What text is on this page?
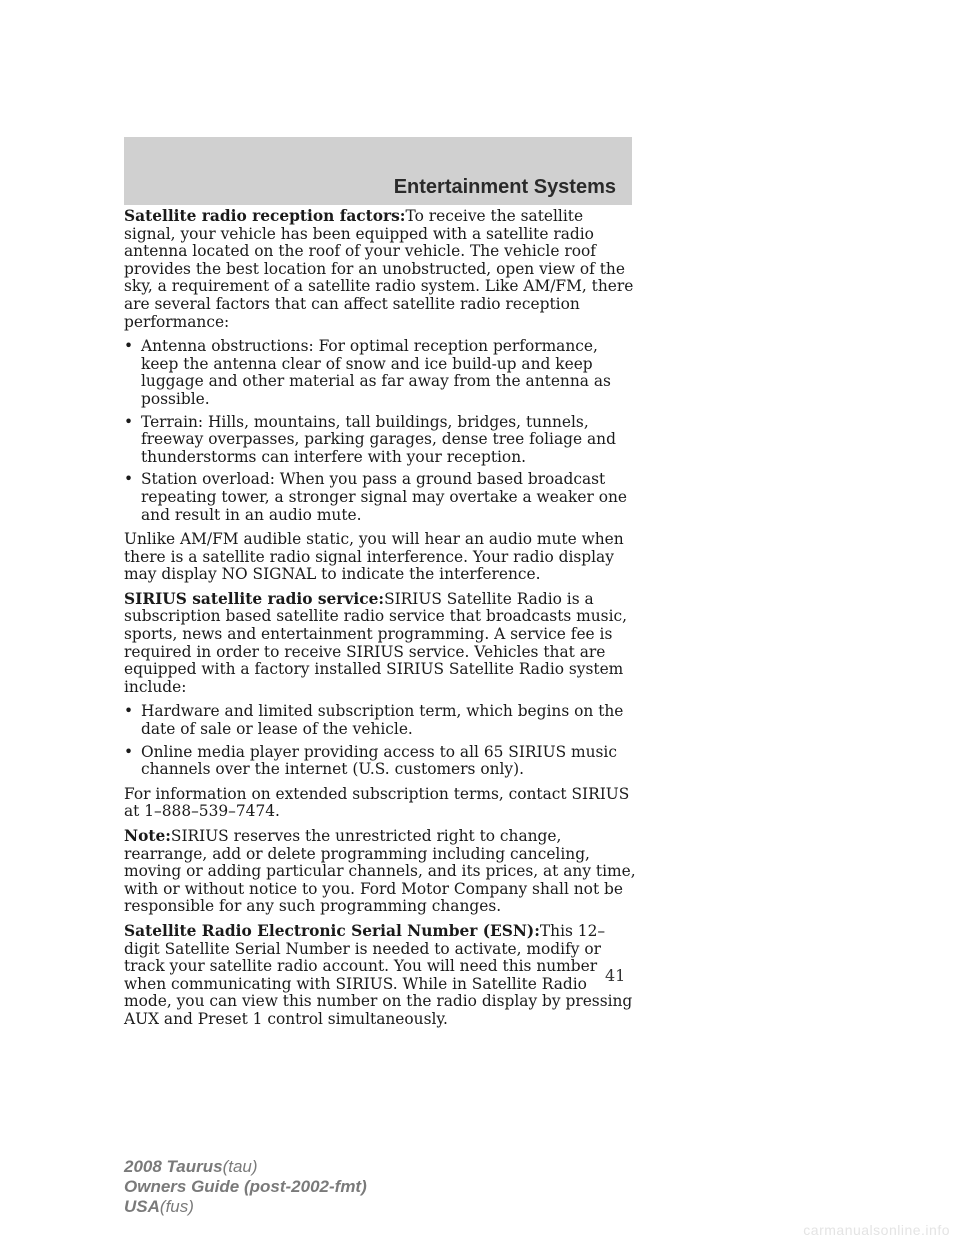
Entertainment Systems

Satellite radio reception factors:To receive the satellite signal, your vehicle has been equipped with a satellite radio antenna located on the roof of your vehicle. The vehicle roof provides the best location for an unobstructed, open view of the sky, a requirement of a satellite radio system. Like AM/FM, there are several factors that can affect satellite radio reception performance:

• Antenna obstructions: For optimal reception performance, keep the antenna clear of snow and ice build-up and keep luggage and other material as far away from the antenna as possible.
• Terrain: Hills, mountains, tall buildings, bridges, tunnels, freeway overpasses, parking garages, dense tree foliage and thunderstorms can interfere with your reception.
• Station overload: When you pass a ground based broadcast repeating tower, a stronger signal may overtake a weaker one and result in an audio mute.

Unlike AM/FM audible static, you will hear an audio mute when there is a satellite radio signal interference. Your radio display may display NO SIGNAL to indicate the interference.

SIRIUS satellite radio service:SIRIUS Satellite Radio is a subscription based satellite radio service that broadcasts music, sports, news and entertainment programming. A service fee is required in order to receive SIRIUS service. Vehicles that are equipped with a factory installed SIRIUS Satellite Radio system include:

• Hardware and limited subscription term, which begins on the date of sale or lease of the vehicle.
• Online media player providing access to all 65 SIRIUS music channels over the internet (U.S. customers only).

For information on extended subscription terms, contact SIRIUS at 1–888–539–7474.

Note:SIRIUS reserves the unrestricted right to change, rearrange, add or delete programming including canceling, moving or adding particular channels, and its prices, at any time, with or without notice to you. Ford Motor Company shall not be responsible for any such programming changes.

Satellite Radio Electronic Serial Number (ESN):This 12–digit Satellite Serial Number is needed to activate, modify or track your satellite radio account. You will need this number when communicating with SIRIUS. While in Satellite Radio mode, you can view this number on the radio display by pressing AUX and Preset 1 control simultaneously.

41
2008 Taurus(tau)
Owners Guide (post-2002-fmt)
USA(fus)
carmanualsonline.info
